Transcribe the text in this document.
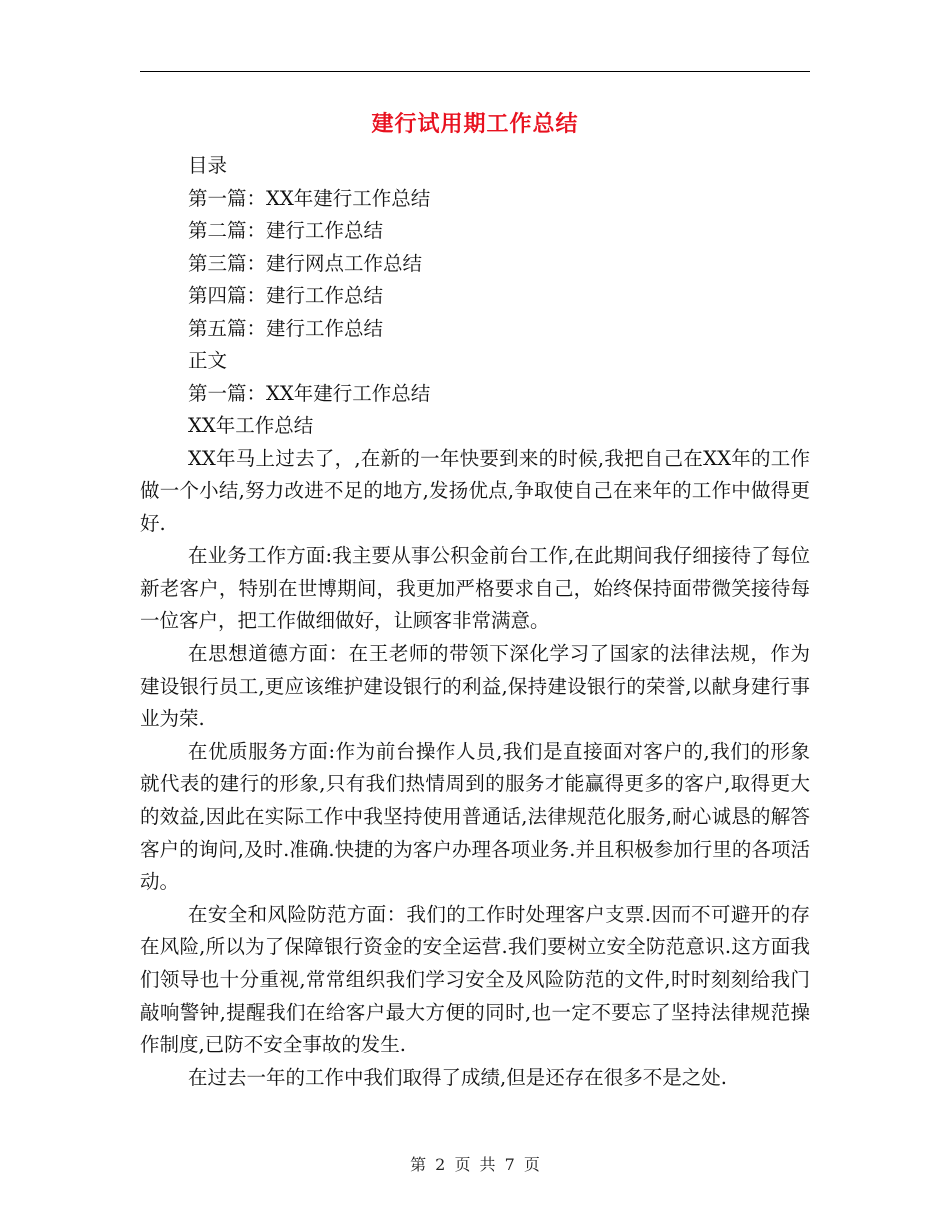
建行试用期工作总结
目录
第一篇：XX年建行工作总结
第二篇：建行工作总结
第三篇：建行网点工作总结
第四篇：建行工作总结
第五篇：建行工作总结
正文
第一篇：XX年建行工作总结
XX年工作总结

XX年马上过去了，,在新的一年快要到来的时候,我把自己在XX年的工作做一个小结,努力改进不足的地方,发扬优点,争取使自己在来年的工作中做得更好.

在业务工作方面:我主要从事公积金前台工作,在此期间我仔细接待了每位新老客户，特别在世博期间，我更加严格要求自己，始终保持面带微笑接待每一位客户，把工作做细做好，让顾客非常满意。

在思想道德方面：在王老师的带领下深化学习了国家的法律法规，作为建设银行员工,更应该维护建设银行的利益,保持建设银行的荣誉,以献身建行事业为荣.

在优质服务方面:作为前台操作人员,我们是直接面对客户的,我们的形象就代表的建行的形象,只有我们热情周到的服务才能赢得更多的客户,取得更大的效益,因此在实际工作中我坚持使用普通话,法律规范化服务,耐心诚恳的解答客户的询问,及时.准确.快捷的为客户办理各项业务.并且积极参加行里的各项活动。

在安全和风险防范方面：我们的工作时处理客户支票.因而不可避开的存在风险,所以为了保障银行资金的安全运营.我们要树立安全防范意识.这方面我们领导也十分重视,常常组织我们学习安全及风险防范的文件,时时刻刻给我门敲响警钟,提醒我们在给客户最大方便的同时,也一定不要忘了坚持法律规范操作制度,已防不安全事故的发生.

在过去一年的工作中我们取得了成绩,但是还存在很多不是之处.

第 2 页 共 7 页
